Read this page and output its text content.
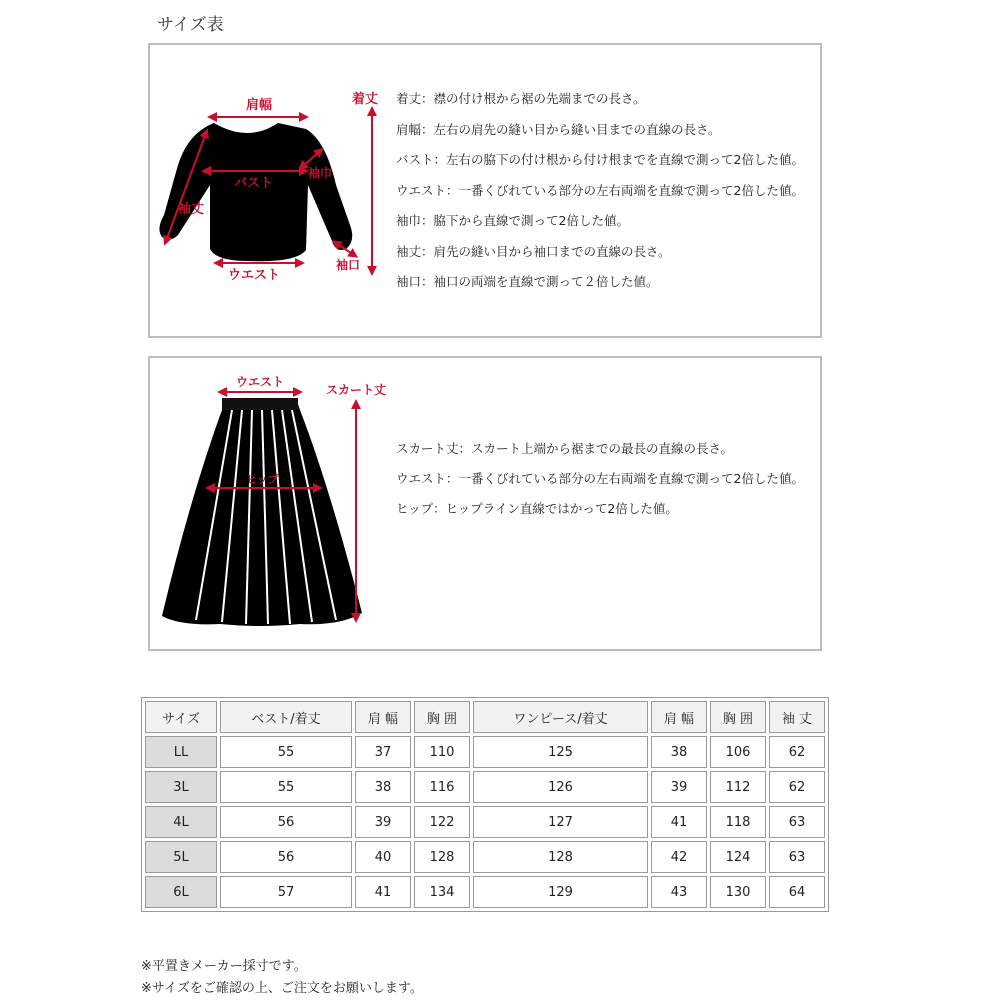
サイズ表
肩幅
バスト
袖巾
袖丈
ウエスト
袖口
着丈 着丈：襟の付け根から裾の先端までの長さ。
肩幅：左右の肩先の縫い目から縫い目までの直線の長さ。
バスト：左右の脇下の付け根から付け根までを直線で測って2倍した値。
ウエスト：一番くびれている部分の左右両端を直線で測って2倍した値。
袖巾：脇下から直線で測って2倍した値。
袖丈：肩先の縫い目から袖口までの直線の長さ。
袖口：袖口の両端を直線で測って２倍した値。
ウエスト
ヒップ
スカート丈
スカート丈：スカート上端から裾までの最長の直線の長さ。
ウエスト：一番くびれている部分の左右両端を直線で測って2倍した値。
ヒップ：ヒップライン直線ではかって2倍した値。
サイズ	ベスト/着丈	肩 幅	胸 囲	ワンピース/着丈	肩 幅	胸 囲	袖 丈
LL	55	37	110	125	38	106	62
3L	55	38	116	126	39	112	62
4L	56	39	122	127	41	118	63
5L	56	40	128	128	42	124	63
6L	57	41	134	129	43	130	64
※平置きメーカー採寸です。
※サイズをご確認の上、ご注文をお願いします。
